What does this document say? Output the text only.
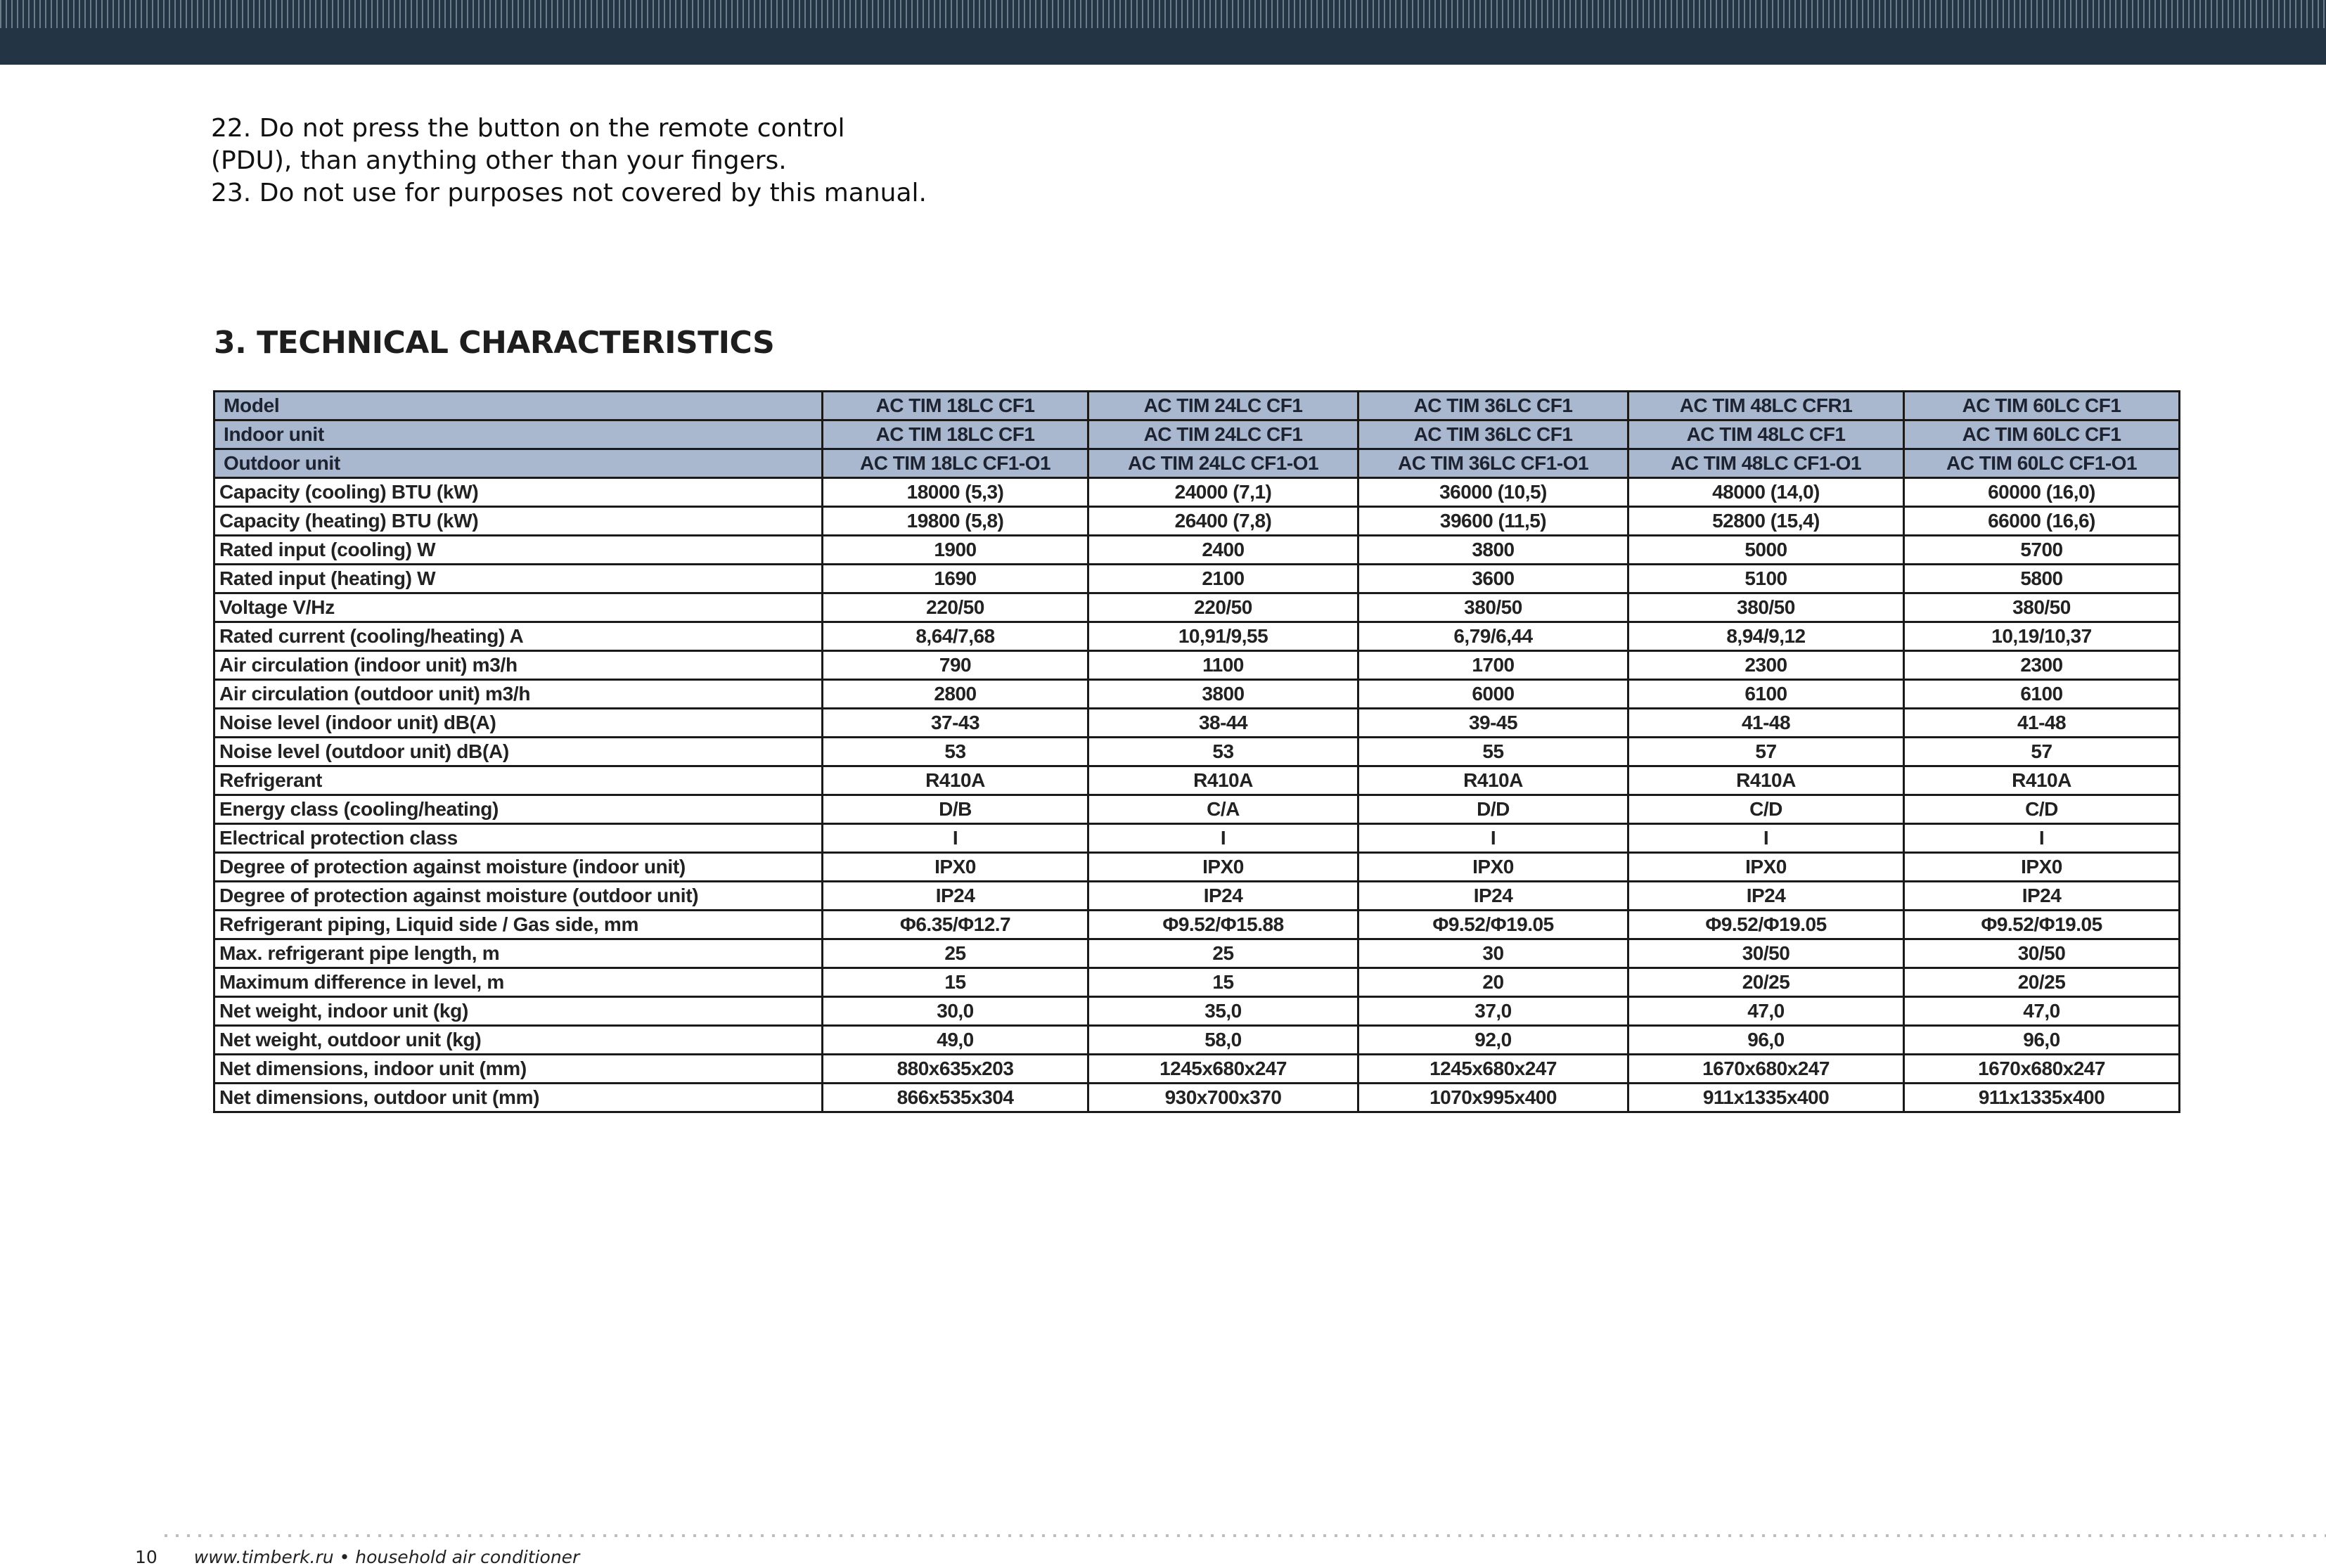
22. Do not press the button on the remote control
(PDU), than anything other than your fingers.
23. Do not use for purposes not covered by this manual.
3. TECHNICAL CHARACTERISTICS
Model	AC TIM 18LC CF1	AC TIM 24LC CF1	AC TIM 36LC CF1	AC TIM 48LC CFR1	AC TIM 60LC CF1
Indoor unit	AC TIM 18LC CF1	AC TIM 24LC CF1	AC TIM 36LC CF1	AC TIM 48LC CF1	AC TIM 60LC CF1
Outdoor unit	AC TIM 18LC CF1-O1	AC TIM 24LC CF1-O1	AC TIM 36LC CF1-O1	AC TIM 48LC CF1-O1	AC TIM 60LC CF1-O1
Capacity (cooling) BTU (kW)	18000 (5,3)	24000 (7,1)	36000 (10,5)	48000 (14,0)	60000 (16,0)
Capacity (heating) BTU (kW)	19800 (5,8)	26400 (7,8)	39600 (11,5)	52800 (15,4)	66000 (16,6)
Rated input (cooling) W	1900	2400	3800	5000	5700
Rated input (heating) W	1690	2100	3600	5100	5800
Voltage V/Hz	220/50	220/50	380/50	380/50	380/50
Rated current (cooling/heating) A	8,64/7,68	10,91/9,55	6,79/6,44	8,94/9,12	10,19/10,37
Air circulation (indoor unit) m3/h	790	1100	1700	2300	2300
Air circulation (outdoor unit) m3/h	2800	3800	6000	6100	6100
Noise level (indoor unit) dB(A)	37-43	38-44	39-45	41-48	41-48
Noise level (outdoor unit) dB(A)	53	53	55	57	57
Refrigerant	R410A	R410A	R410A	R410A	R410A
Energy class (cooling/heating)	D/B	C/A	D/D	C/D	C/D
Electrical protection class	I	I	I	I	I
Degree of protection against moisture (indoor unit)	IPX0	IPX0	IPX0	IPX0	IPX0
Degree of protection against moisture (outdoor unit)	IP24	IP24	IP24	IP24	IP24
Refrigerant piping, Liquid side / Gas side, mm	Φ6.35/Φ12.7	Φ9.52/Φ15.88	Φ9.52/Φ19.05	Φ9.52/Φ19.05	Φ9.52/Φ19.05
Max. refrigerant pipe length, m	25	25	30	30/50	30/50
Maximum difference in level, m	15	15	20	20/25	20/25
Net weight, indoor unit (kg)	30,0	35,0	37,0	47,0	47,0
Net weight, outdoor unit (kg)	49,0	58,0	92,0	96,0	96,0
Net dimensions, indoor unit (mm)	880x635x203	1245x680x247	1245x680x247	1670x680x247	1670x680x247
Net dimensions, outdoor unit (mm)	866x535x304	930x700x370	1070x995x400	911x1335x400	911x1335x400
10 www.timberk.ru • household air conditioner
